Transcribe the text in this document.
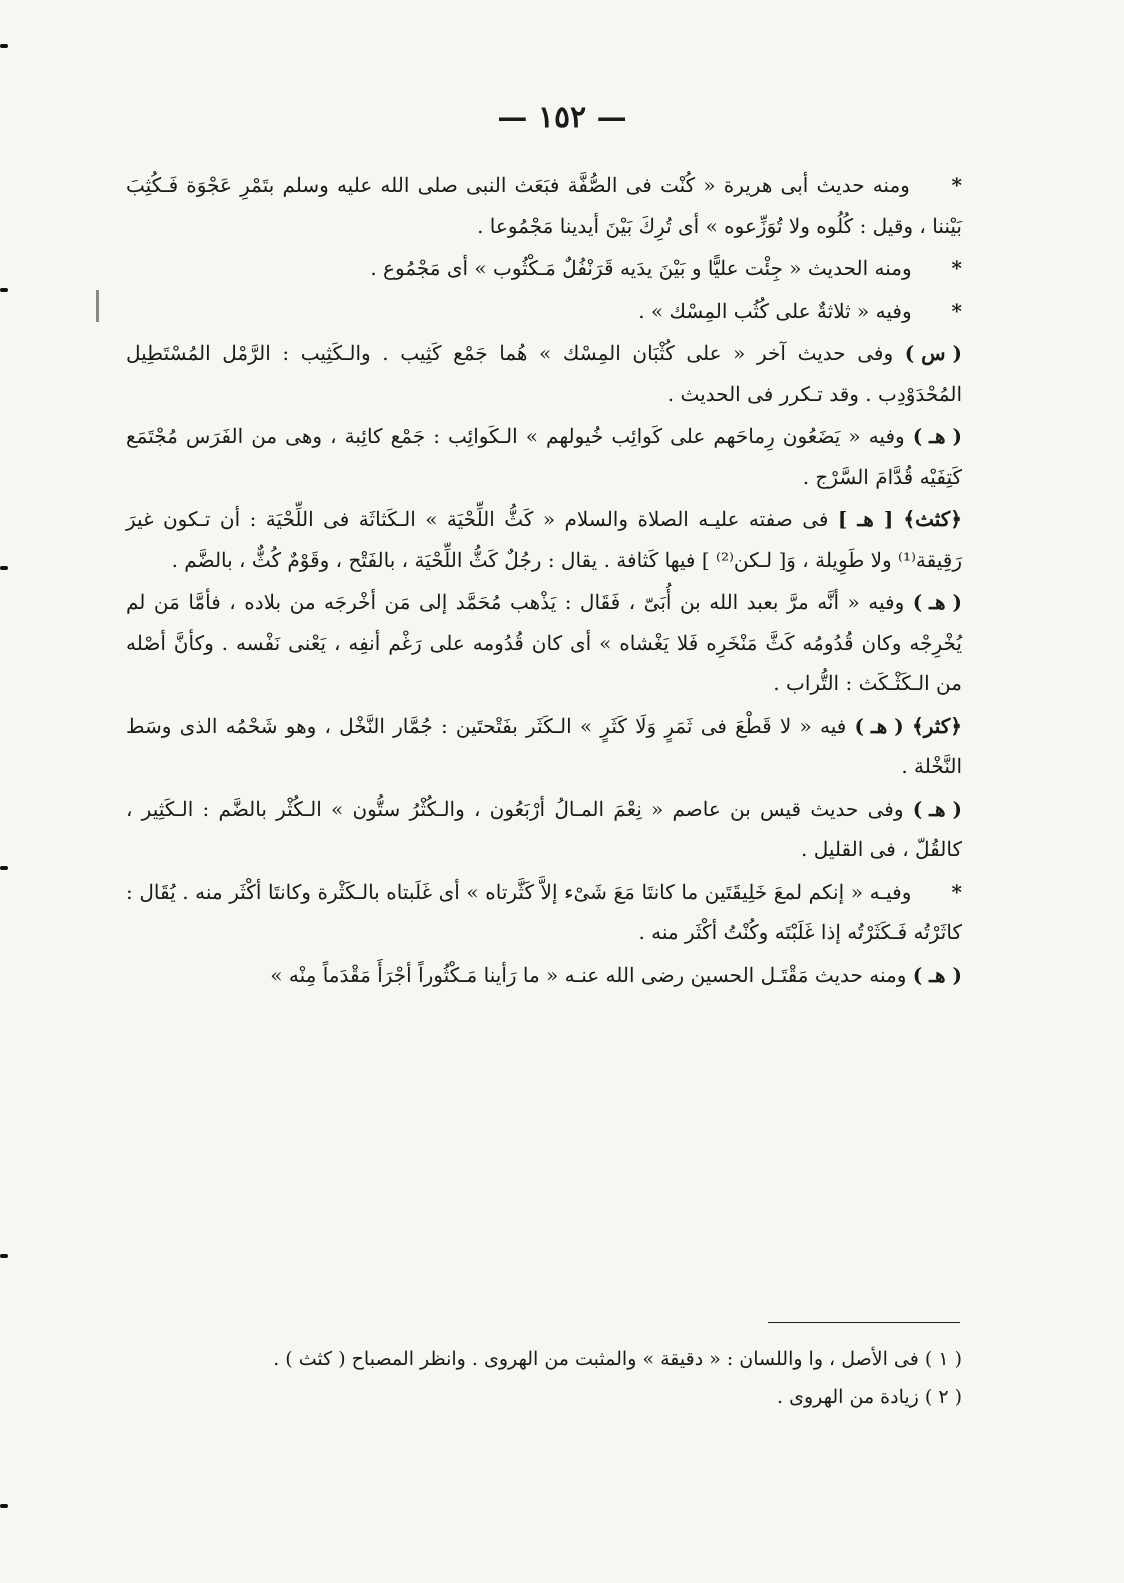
— ١٥٢ —

* ومنه حديث أبى هريرة « كُنْت فى الصُّفَّة فبَعَث النبى صلى الله عليه وسلم بتَمْرِ عَجْوَة فَـكُثِبَ بَيْننا ، وقيل : كُلُوه ولا تُوَزِّعوه » أى تُرِكَ بَيْنَ أيدينا مَجْمُوعا .

* ومنه الحديث « جِئْت عليًّا و بَيْنَ يدَيه قَرَنْفُلٌ مَـكْثُوب » أى مَجْمُوع .

* وفيه « ثلاثةٌ على كُثُب المِسْك » .

( س ) وفى حديث آخر « على كُثْبَان المِسْك » هُما جَمْع كَثِيب . والـكَثِيب : الرَّمْل المُسْتَطِيل المُحْدَوْدِب . وقد تـكرر فى الحديث .

( هـ ) وفيه « يَضَعُون رِماحَهم على كَوائِب خُيولهم » الـكَوائِب : جَمْع كائِبة ، وهى من الفَرَس مُجْتَمَع كَتِفَيْه قُدَّامَ السَّرْج .

﴿كثث﴾ [ هـ ] فى صفته عليـه الصلاة والسلام « كَثُّ اللِّحْيَة » الـكَثاثَة فى اللِّحْيَة : أن تـكون غيرَ رَقِيقة⁽¹⁾ ولا طَوِيلة ، وَ[ لـكن⁽²⁾ ] فيها كَثافة . يقال : رجُلٌ كَثُّ اللِّحْيَة ، بالفَتْح ، وقَوْمٌ كُثٌّ ، بالضَّم .

( هـ ) وفيه « أنَّه مرَّ بعبد الله بن أُبَىّ ، فَقَال : يَذْهب مُحَمَّد إلى مَن أخْرجَه من بلاده ، فأمَّا مَن لم يُخْرِجْه وكان قُدُومُه كَثَّ مَنْخَرِه فَلا يَغْشاه » أى كان قُدُومه على رَغْم أنفِه ، يَعْنى نَفْسه . وكأنَّ أصْله من الـكَثْـكَث : التُّراب .

﴿كثر﴾ ( هـ ) فيه « لا قَطْعَ فى ثَمَرٍ وَلَا كَثَرٍ » الـكَثَر بفَتْحتَين : جُمَّار النَّخْل ، وهو شَحْمُه الذى وسَط النَّخْلة .

( هـ ) وفى حديث قيس بن عاصم « نِعْمَ المـالُ أرْبَعُون ، والـكُثْرُ ستُّون » الـكُثْر بالضَّم : الـكَثِير ، كالقُلّ ، فى القليل .

* وفيـه « إنكم لمعَ خَلِيقَتَين ما كانتَا مَعَ شَىْء إلاَّ كَثَّرتاه » أى غَلَبتاه بالـكَثْرة وكانتَا أكْثَر منه . يُقَال : كاثَرْتُه فَـكَثَرْتُه إذا غَلَبْتَه وكُنْتُ أكْثَر منه .

( هـ ) ومنه حديث مَقْتَـل الحسين رضى الله عنـه « ما رَأينا مَـكْثُوراً أجْرَأَ مَقْدَماً مِنْه »

( ١ ) فى الأصل ، وا واللسان : « دقيقة » والمثبت من الهروى . وانظر المصباح ( كثث ) .

( ٢ ) زيادة من الهروى .
